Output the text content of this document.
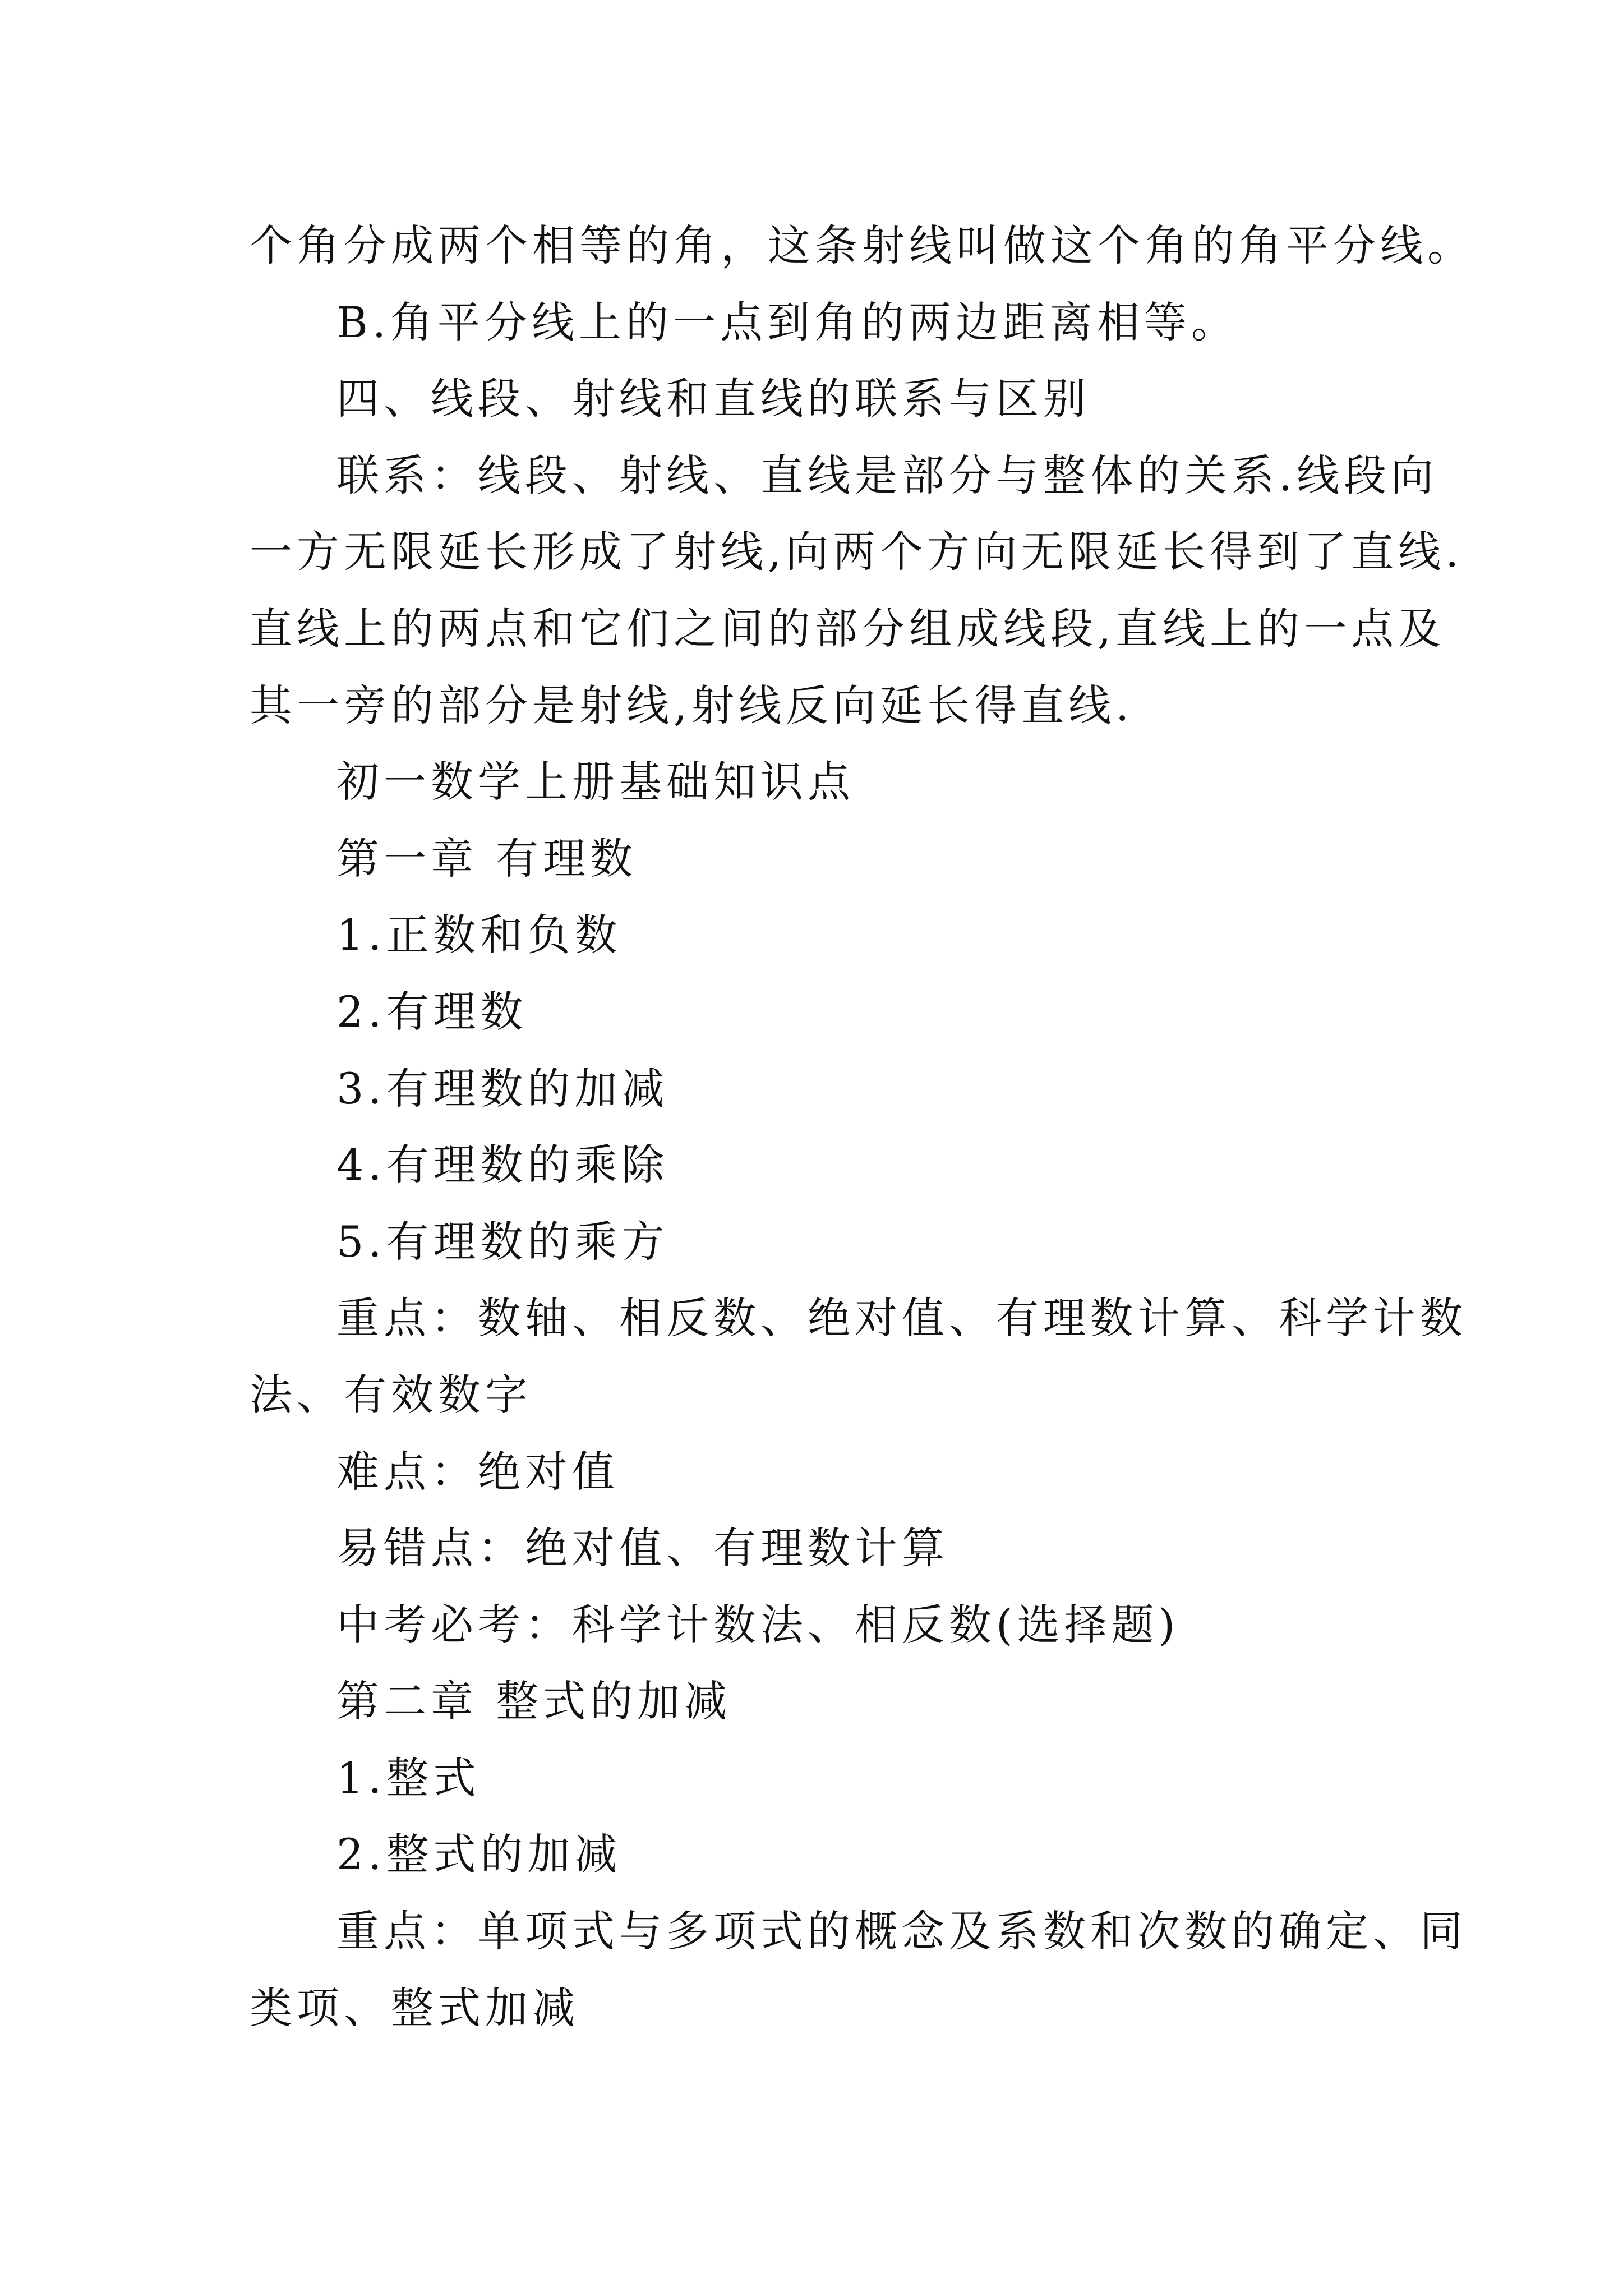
个角分成两个相等的角，这条射线叫做这个角的角平分线。
B.角平分线上的一点到角的两边距离相等。
四、线段、射线和直线的联系与区别
联系：线段、射线、直线是部分与整体的关系.线段向
一方无限延长形成了射线,向两个方向无限延长得到了直线.
直线上的两点和它们之间的部分组成线段,直线上的一点及
其一旁的部分是射线,射线反向延长得直线.
初一数学上册基础知识点
第一章 有理数
1.正数和负数
2.有理数
3.有理数的加减
4.有理数的乘除
5.有理数的乘方
重点：数轴、相反数、绝对值、有理数计算、科学计数
法、有效数字
难点：绝对值
易错点：绝对值、有理数计算
中考必考：科学计数法、相反数(选择题)
第二章 整式的加减
1.整式
2.整式的加减
重点：单项式与多项式的概念及系数和次数的确定、同
类项、整式加减
